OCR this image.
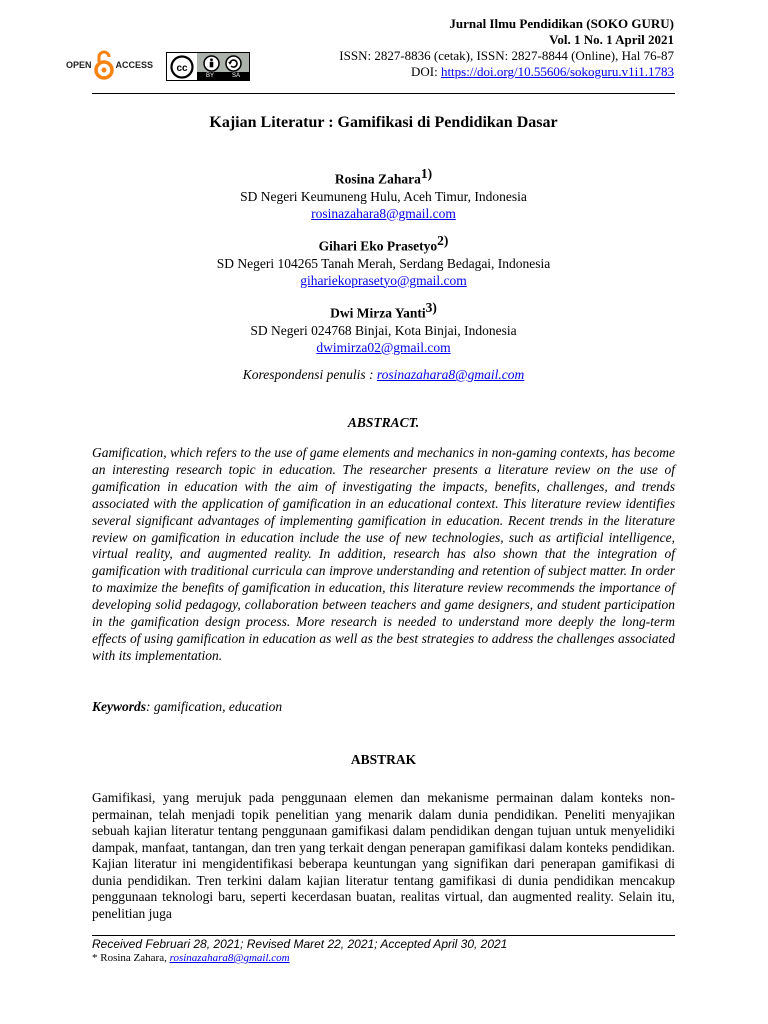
OPEN	ACCESS cc
BY	SA
Jurnal Ilmu Pendidikan (SOKO GURU)
Vol. 1 No. 1 April 2021
ISSN: 2827-8836 (cetak), ISSN: 2827-8844 (Online), Hal 76-87
DOI: https://doi.org/10.55606/sokoguru.v1i1.1783
Kajian Literatur : Gamifikasi di Pendidikan Dasar
Rosina Zahara$^{1)}$
SD Negeri Keumuneng Hulu, Aceh Timur, Indonesia
rosinazahara8@gmail.com
Gihari Eko Prasetyo$^{2)}$
SD Negeri 104265 Tanah Merah, Serdang Bedagai, Indonesia
gihariekoprasetyo@gmail.com
Dwi Mirza Yanti$^{3)}$
SD Negeri 024768 Binjai, Kota Binjai, Indonesia
dwimirza02@gmail.com
Korespondensi penulis : rosinazahara8@gmail.com
ABSTRACT.
Gamification, which refers to the use of game elements and mechanics in non-gaming contexts, has become an interesting research topic in education. The researcher presents a literature review on the use of gamification in education with the aim of investigating the impacts, benefits, challenges, and trends associated with the application of gamification in an educational context. This literature review identifies several significant advantages of implementing gamification in education. Recent trends in the literature review on gamification in education include the use of new technologies, such as artificial intelligence, virtual reality, and augmented reality. In addition, research has also shown that the integration of gamification with traditional curricula can improve understanding and retention of subject matter. In order to maximize the benefits of gamification in education, this literature review recommends the importance of developing solid pedagogy, collaboration between teachers and game designers, and student participation in the gamification design process. More research is needed to understand more deeply the long-term effects of using gamification in education as well as the best strategies to address the challenges associated with its implementation.
Keywords: gamification, education
ABSTRAK
Gamifikasi, yang merujuk pada penggunaan elemen dan mekanisme permainan dalam konteks non-permainan, telah menjadi topik penelitian yang menarik dalam dunia pendidikan. Peneliti menyajikan sebuah kajian literatur tentang penggunaan gamifikasi dalam pendidikan dengan tujuan untuk menyelidiki dampak, manfaat, tantangan, dan tren yang terkait dengan penerapan gamifikasi dalam konteks pendidikan. Kajian literatur ini mengidentifikasi beberapa keuntungan yang signifikan dari penerapan gamifikasi di dunia pendidikan. Tren terkini dalam kajian literatur tentang gamifikasi di dunia pendidikan mencakup penggunaan teknologi baru, seperti kecerdasan buatan, realitas virtual, dan augmented reality. Selain itu, penelitian juga
Received Februari 28, 2021; Revised Maret 22, 2021; Accepted April 30, 2021
* Rosina Zahara, rosinazahara8@gmail.com
